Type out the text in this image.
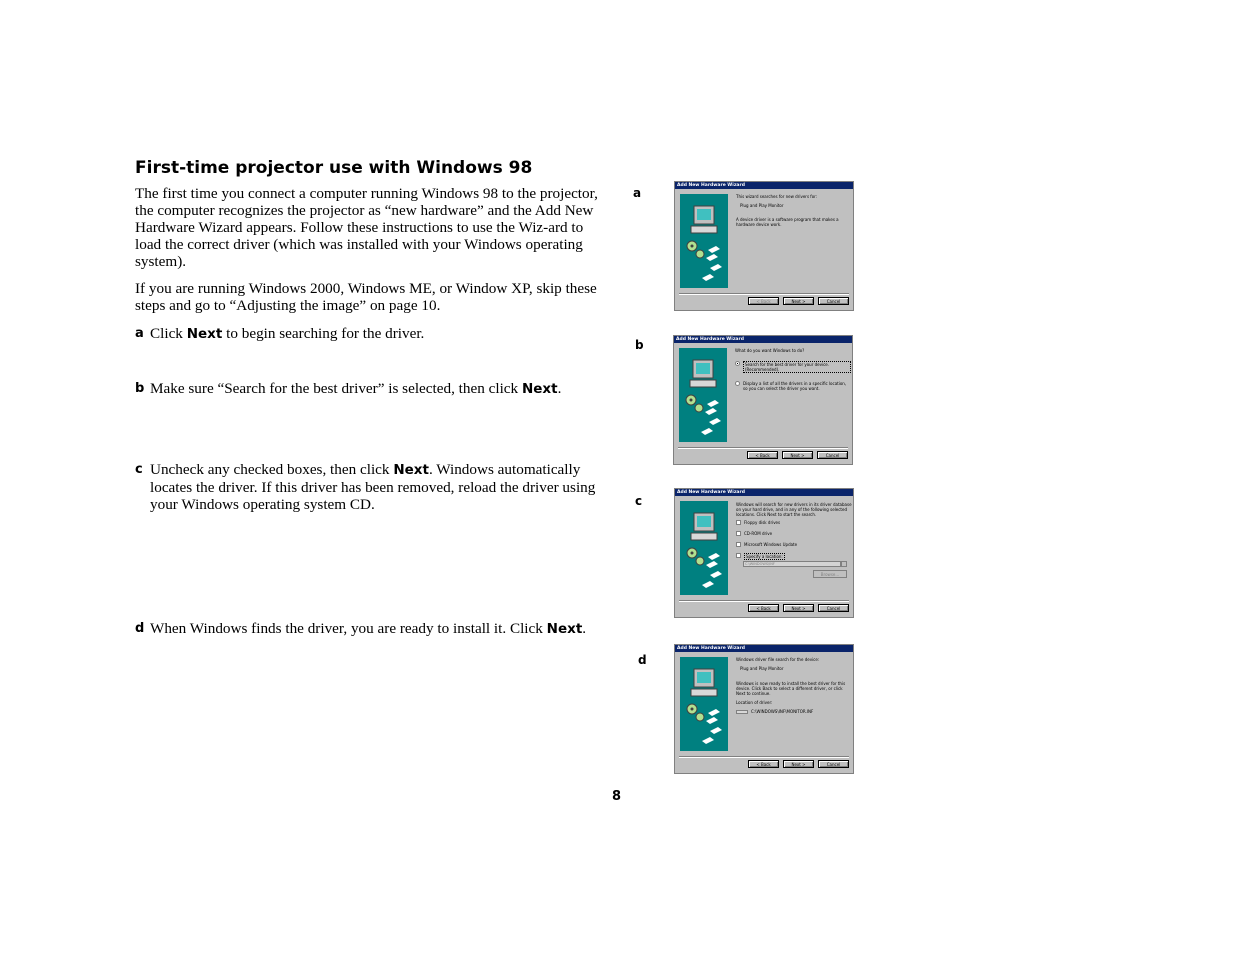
First-time projector use with Windows 98

The first time you connect a computer running Windows 98 to the projector, the computer recognizes the projector as “new hardware” and the Add New Hardware Wizard appears. Follow these instructions to use the Wiz-ard to load the correct driver (which was installed with your Windows operating system).

If you are running Windows 2000, Windows ME, or Window XP, skip these steps and go to “Adjusting the image” on page 10.

a Click Next to begin searching for the driver.
b Make sure “Search for the best driver” is selected, then click Next.
c Uncheck any checked boxes, then click Next. Windows automatically locates the driver. If this driver has been removed, reload the driver using your Windows operating system CD.
d When Windows finds the driver, you are ready to install it. Click Next.
a
b
c
d
Add New Hardware Wizard

This wizard searches for new drivers for:

Plug and Play Monitor

A device driver is a software program that makes a hardware device work.

< Back	Next >	Cancel
Add New Hardware Wizard

What do you want Windows to do?

Search for the best driver for your device. (Recommended).
Display a list of all the drivers in a specific location, so you can select the driver you want.
< Back	Next >	Cancel
Add New Hardware Wizard

Windows will search for new drivers in its driver database on your hard drive, and in any of the following selected locations. Click Next to start the search.

Floppy disk drives
CD-ROM drive
Microsoft Windows Update
Specify a location:
C:\WINDOWS\INF
Browse...
< Back	Next >	Cancel
Add New Hardware Wizard

Windows driver file search for the device:

Plug and Play Monitor

Windows is now ready to install the best driver for this device. Click Back to select a different driver, or click Next to continue.

Location of driver:

C:\WINDOWS\INF\MONITOR.INF
< Back	Next >	Cancel
8
